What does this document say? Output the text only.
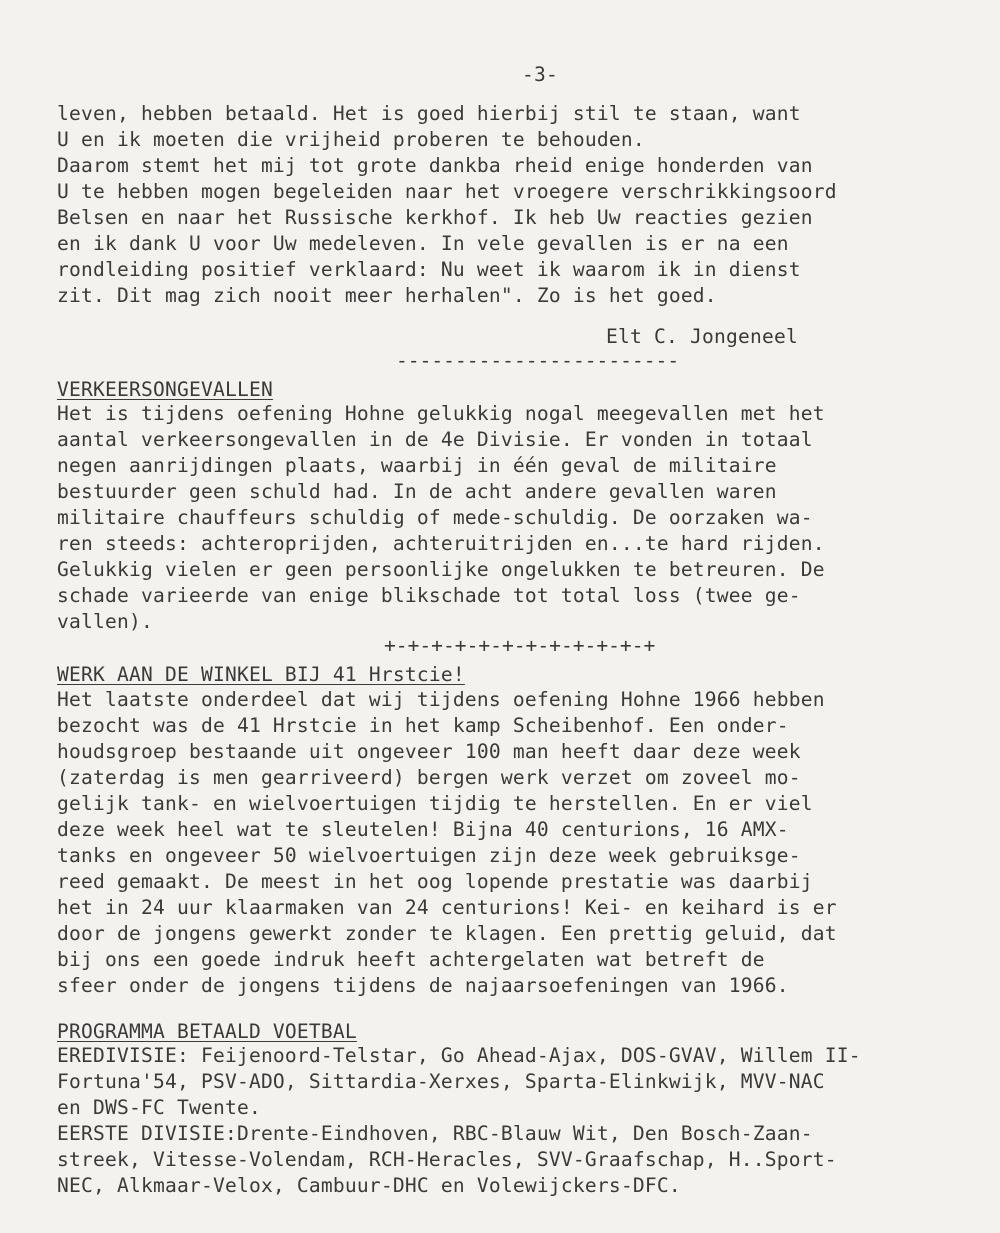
-3-
leven, hebben betaald. Het is goed hierbij stil te staan, want
U en ik moeten die vrijheid proberen te behouden.
Daarom stemt het mij tot grote dankba rheid enige honderden van
U te hebben mogen begeleiden naar het vroegere verschrikkingsoord
Belsen en naar het Russische kerkhof. Ik heb Uw reacties gezien
en ik dank U voor Uw medeleven. In vele gevallen is er na een
rondleiding positief verklaard: Nu weet ik waarom ik in dienst
zit. Dit mag zich nooit meer herhalen". Zo is het goed.
Elt C. Jongeneel
------------------------
VERKEERSONGEVALLEN
Het is tijdens oefening Hohne gelukkig nogal meegevallen met het
aantal verkeersongevallen in de 4e Divisie. Er vonden in totaal
negen aanrijdingen plaats, waarbij in één geval de militaire
bestuurder geen schuld had. In de acht andere gevallen waren
militaire chauffeurs schuldig of mede-schuldig. De oorzaken wa-
ren steeds: achteroprijden, achteruitrijden en...te hard rijden.
Gelukkig vielen er geen persoonlijke ongelukken te betreuren. De
schade varieerde van enige blikschade tot total loss (twee ge-
vallen).
+-+-+-+-+-+-+-+-+-+-+-+
WERK AAN DE WINKEL BIJ 41 Hrstcie!
Het laatste onderdeel dat wij tijdens oefening Hohne 1966 hebben
bezocht was de 41 Hrstcie in het kamp Scheibenhof. Een onder-
houdsgroep bestaande uit ongeveer 100 man heeft daar deze week
(zaterdag is men gearriveerd) bergen werk verzet om zoveel mo-
gelijk tank- en wielvoertuigen tijdig te herstellen. En er viel
deze week heel wat te sleutelen! Bijna 40 centurions, 16 AMX-
tanks en ongeveer 50 wielvoertuigen zijn deze week gebruiksge-
reed gemaakt. De meest in het oog lopende prestatie was daarbij
het in 24 uur klaarmaken van 24 centurions! Kei- en keihard is er
door de jongens gewerkt zonder te klagen. Een prettig geluid, dat
bij ons een goede indruk heeft achtergelaten wat betreft de
sfeer onder de jongens tijdens de najaarsoefeningen van 1966.
PROGRAMMA BETAALD VOETBAL
EREDIVISIE: Feijenoord-Telstar, Go Ahead-Ajax, DOS-GVAV, Willem II-
Fortuna'54, PSV-ADO, Sittardia-Xerxes, Sparta-Elinkwijk, MVV-NAC
en DWS-FC Twente.
EERSTE DIVISIE:Drente-Eindhoven, RBC-Blauw Wit, Den Bosch-Zaan-
streek, Vitesse-Volendam, RCH-Heracles, SVV-Graafschap, H..Sport-
NEC, Alkmaar-Velox, Cambuur-DHC en Volewijckers-DFC.
